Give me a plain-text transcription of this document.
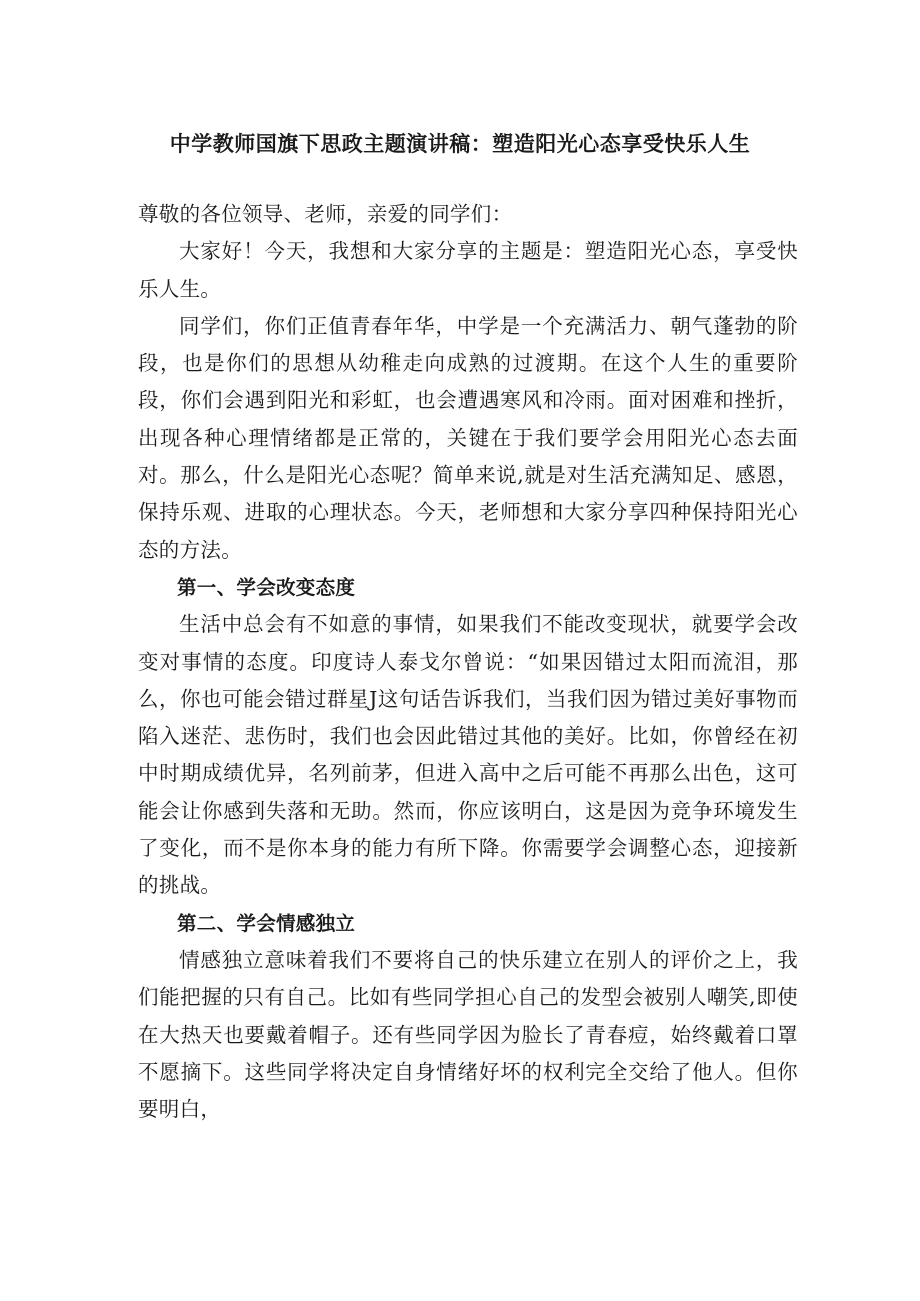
中学教师国旗下思政主题演讲稿：塑造阳光心态享受快乐人生

尊敬的各位领导、老师，亲爱的同学们：

大家好！今天，我想和大家分享的主题是：塑造阳光心态，享受快乐人生。

同学们，你们正值青春年华，中学是一个充满活力、朝气蓬勃的阶段，也是你们的思想从幼稚走向成熟的过渡期。在这个人生的重要阶段，你们会遇到阳光和彩虹，也会遭遇寒风和冷雨。面对困难和挫折，出现各种心理情绪都是正常的，关键在于我们要学会用阳光心态去面对。那么，什么是阳光心态呢？简单来说,就是对生活充满知足、感恩，保持乐观、进取的心理状态。今天，老师想和大家分享四种保持阳光心态的方法。

第一、学会改变态度

生活中总会有不如意的事情，如果我们不能改变现状，就要学会改变对事情的态度。印度诗人泰戈尔曾说：“如果因错过太阳而流泪，那么，你也可能会错过群星J这句话告诉我们，当我们因为错过美好事物而陷入迷茫、悲伤时，我们也会因此错过其他的美好。比如，你曾经在初中时期成绩优异，名列前茅，但进入高中之后可能不再那么出色，这可能会让你感到失落和无助。然而，你应该明白，这是因为竞争环境发生了变化，而不是你本身的能力有所下降。你需要学会调整心态，迎接新的挑战。

第二、学会情感独立

情感独立意味着我们不要将自己的快乐建立在别人的评价之上，我们能把握的只有自己。比如有些同学担心自己的发型会被别人嘲笑,即使在大热天也要戴着帽子。还有些同学因为脸长了青春痘，始终戴着口罩不愿摘下。这些同学将决定自身情绪好坏的权利完全交给了他人。但你要明白，
